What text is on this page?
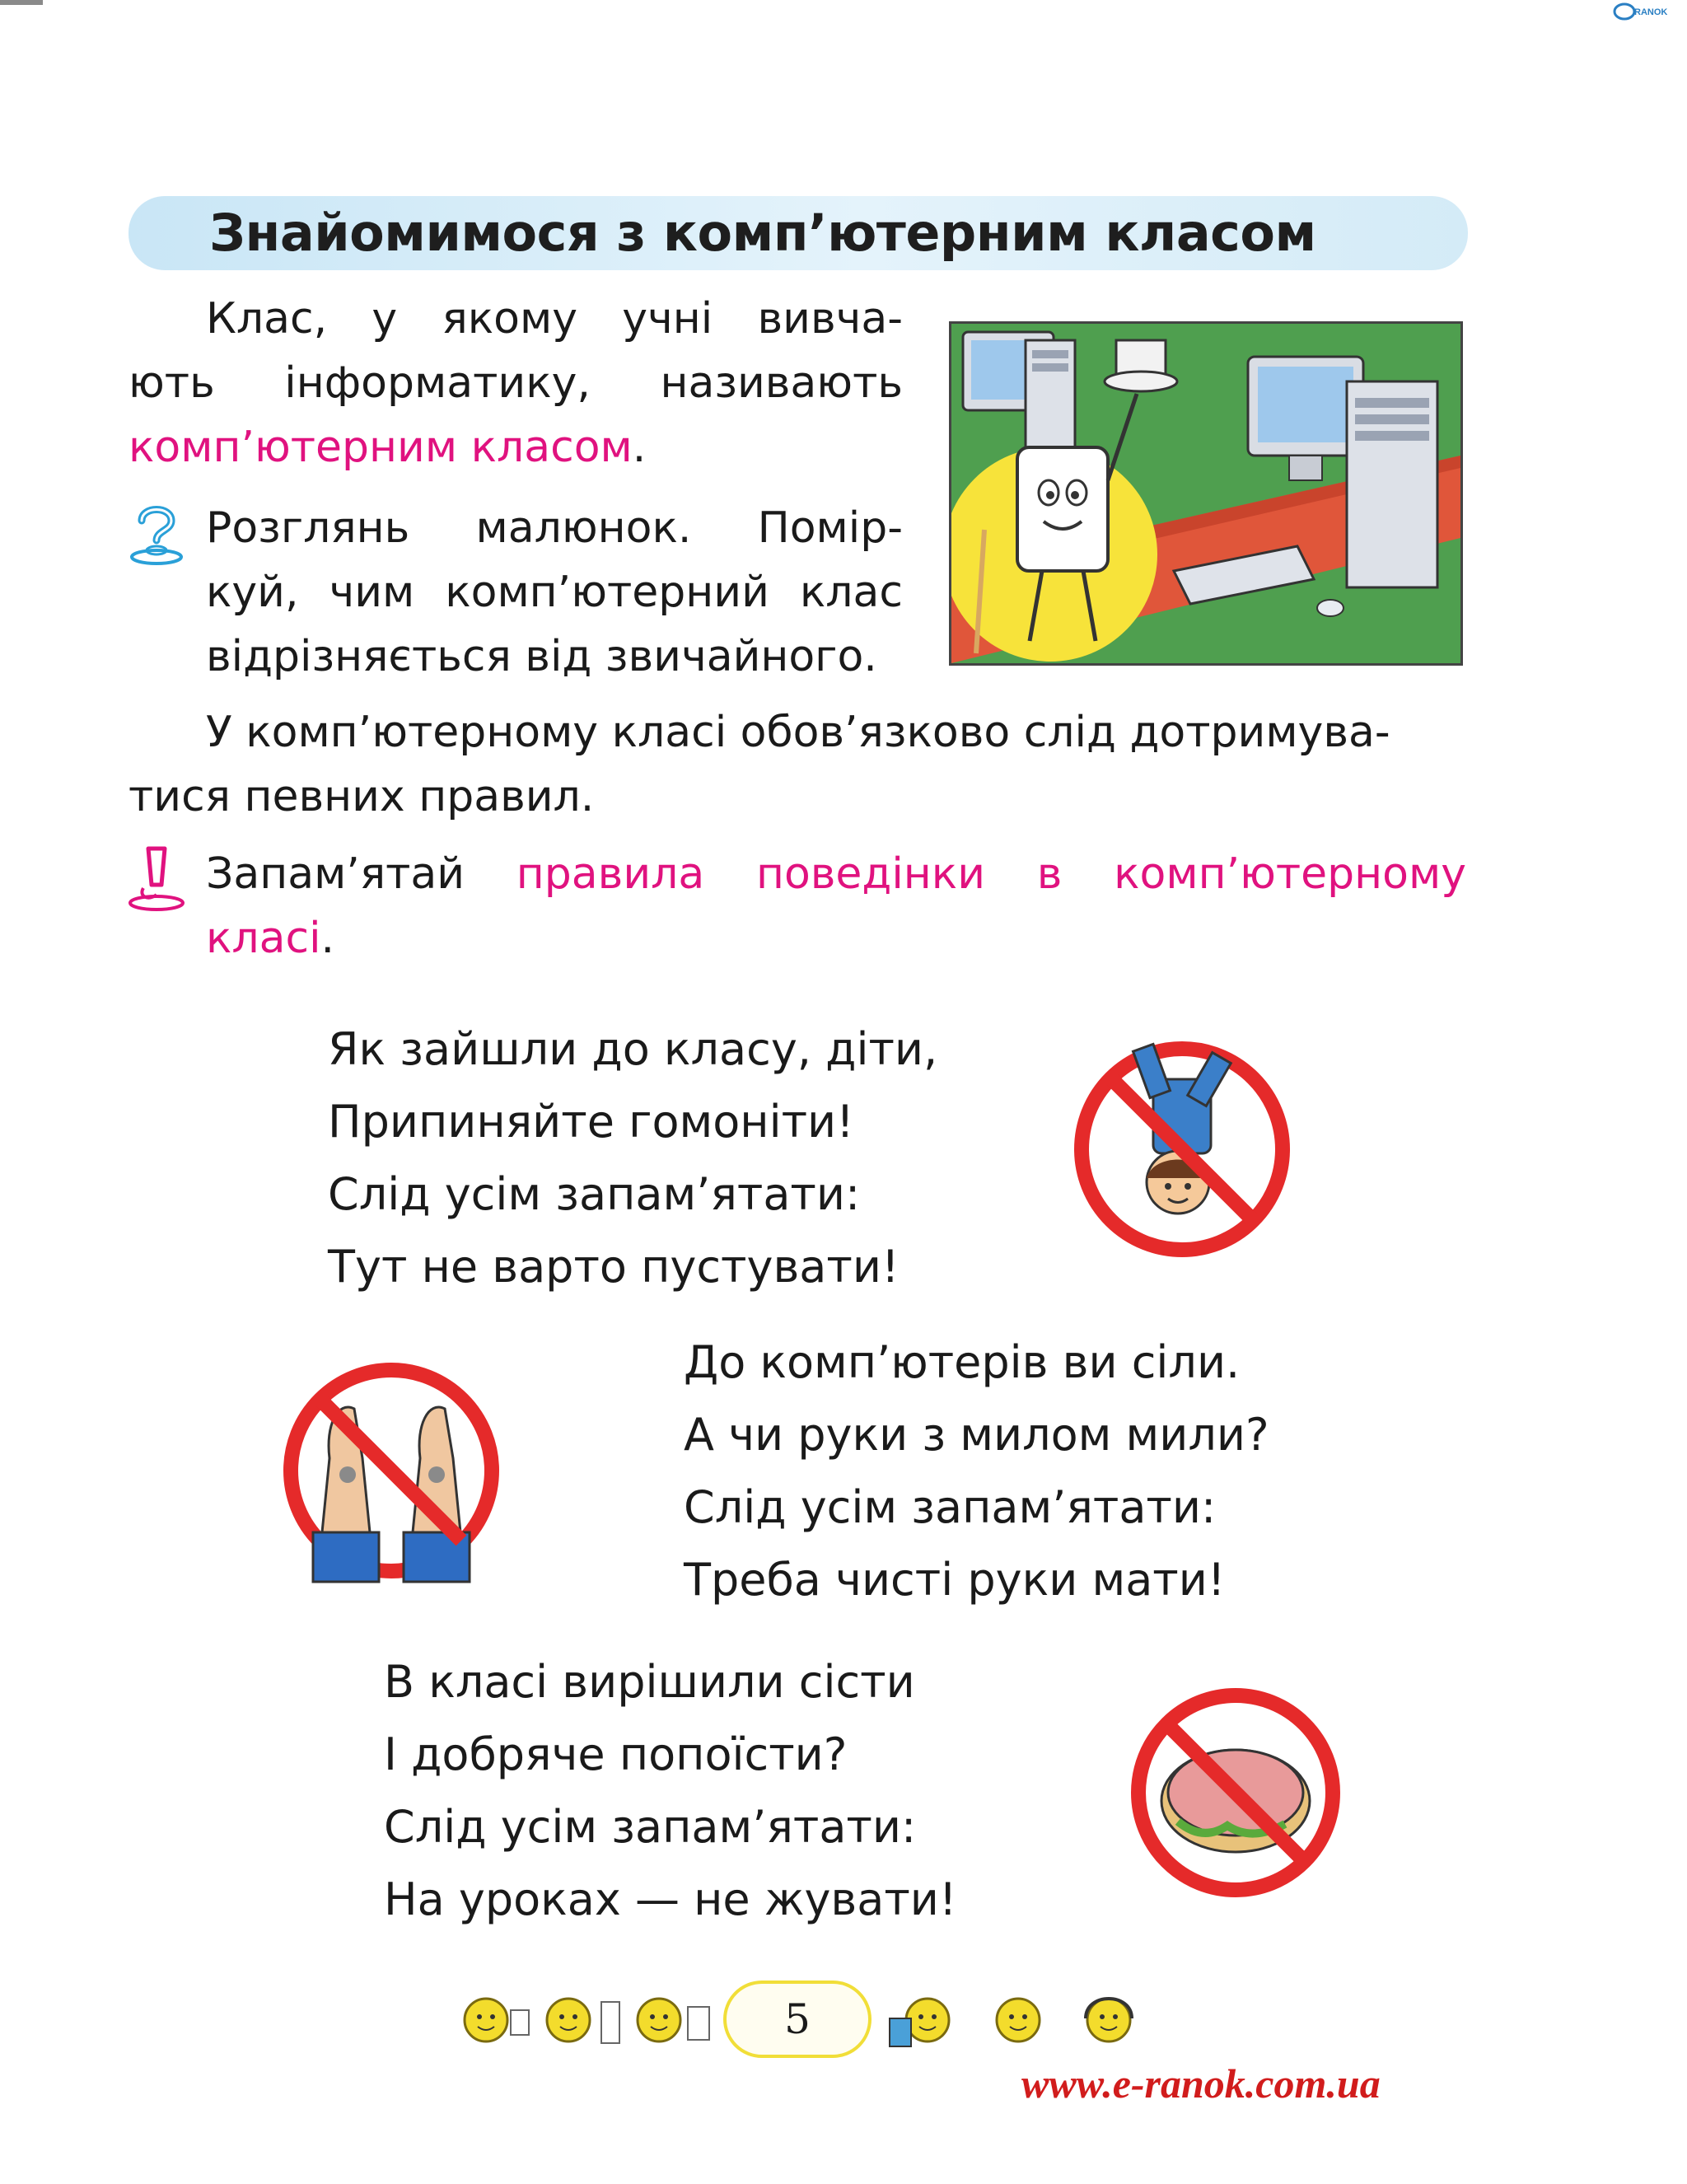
RANOK
Знайомимося з комп’ютерним класом
Клас, у якому учні вивча-
ють інформатику, називають
комп’ютерним класом.
Розглянь малюнок. Помір-
куй, чим комп’ютерний клас
відрізняється від звичайного.
У комп’ютерному класі обов’язково слід дотримува-
тися певних правил.
Запам’ятай правила поведінки в комп’ютерному
класі.
Як зайшли до класу, діти,
Припиняйте гомоніти!
Слід усім запам’ятати:
Тут не варто пустувати!
До комп’ютерів ви сіли.
А чи руки з милом мили?
Слід усім запам’ятати:
Треба чисті руки мати!
В класі вирішили сісти
І добряче попоїсти?
Слід усім запам’ятати:
На уроках — не жувати!
5
www.e-ranok.com.ua
